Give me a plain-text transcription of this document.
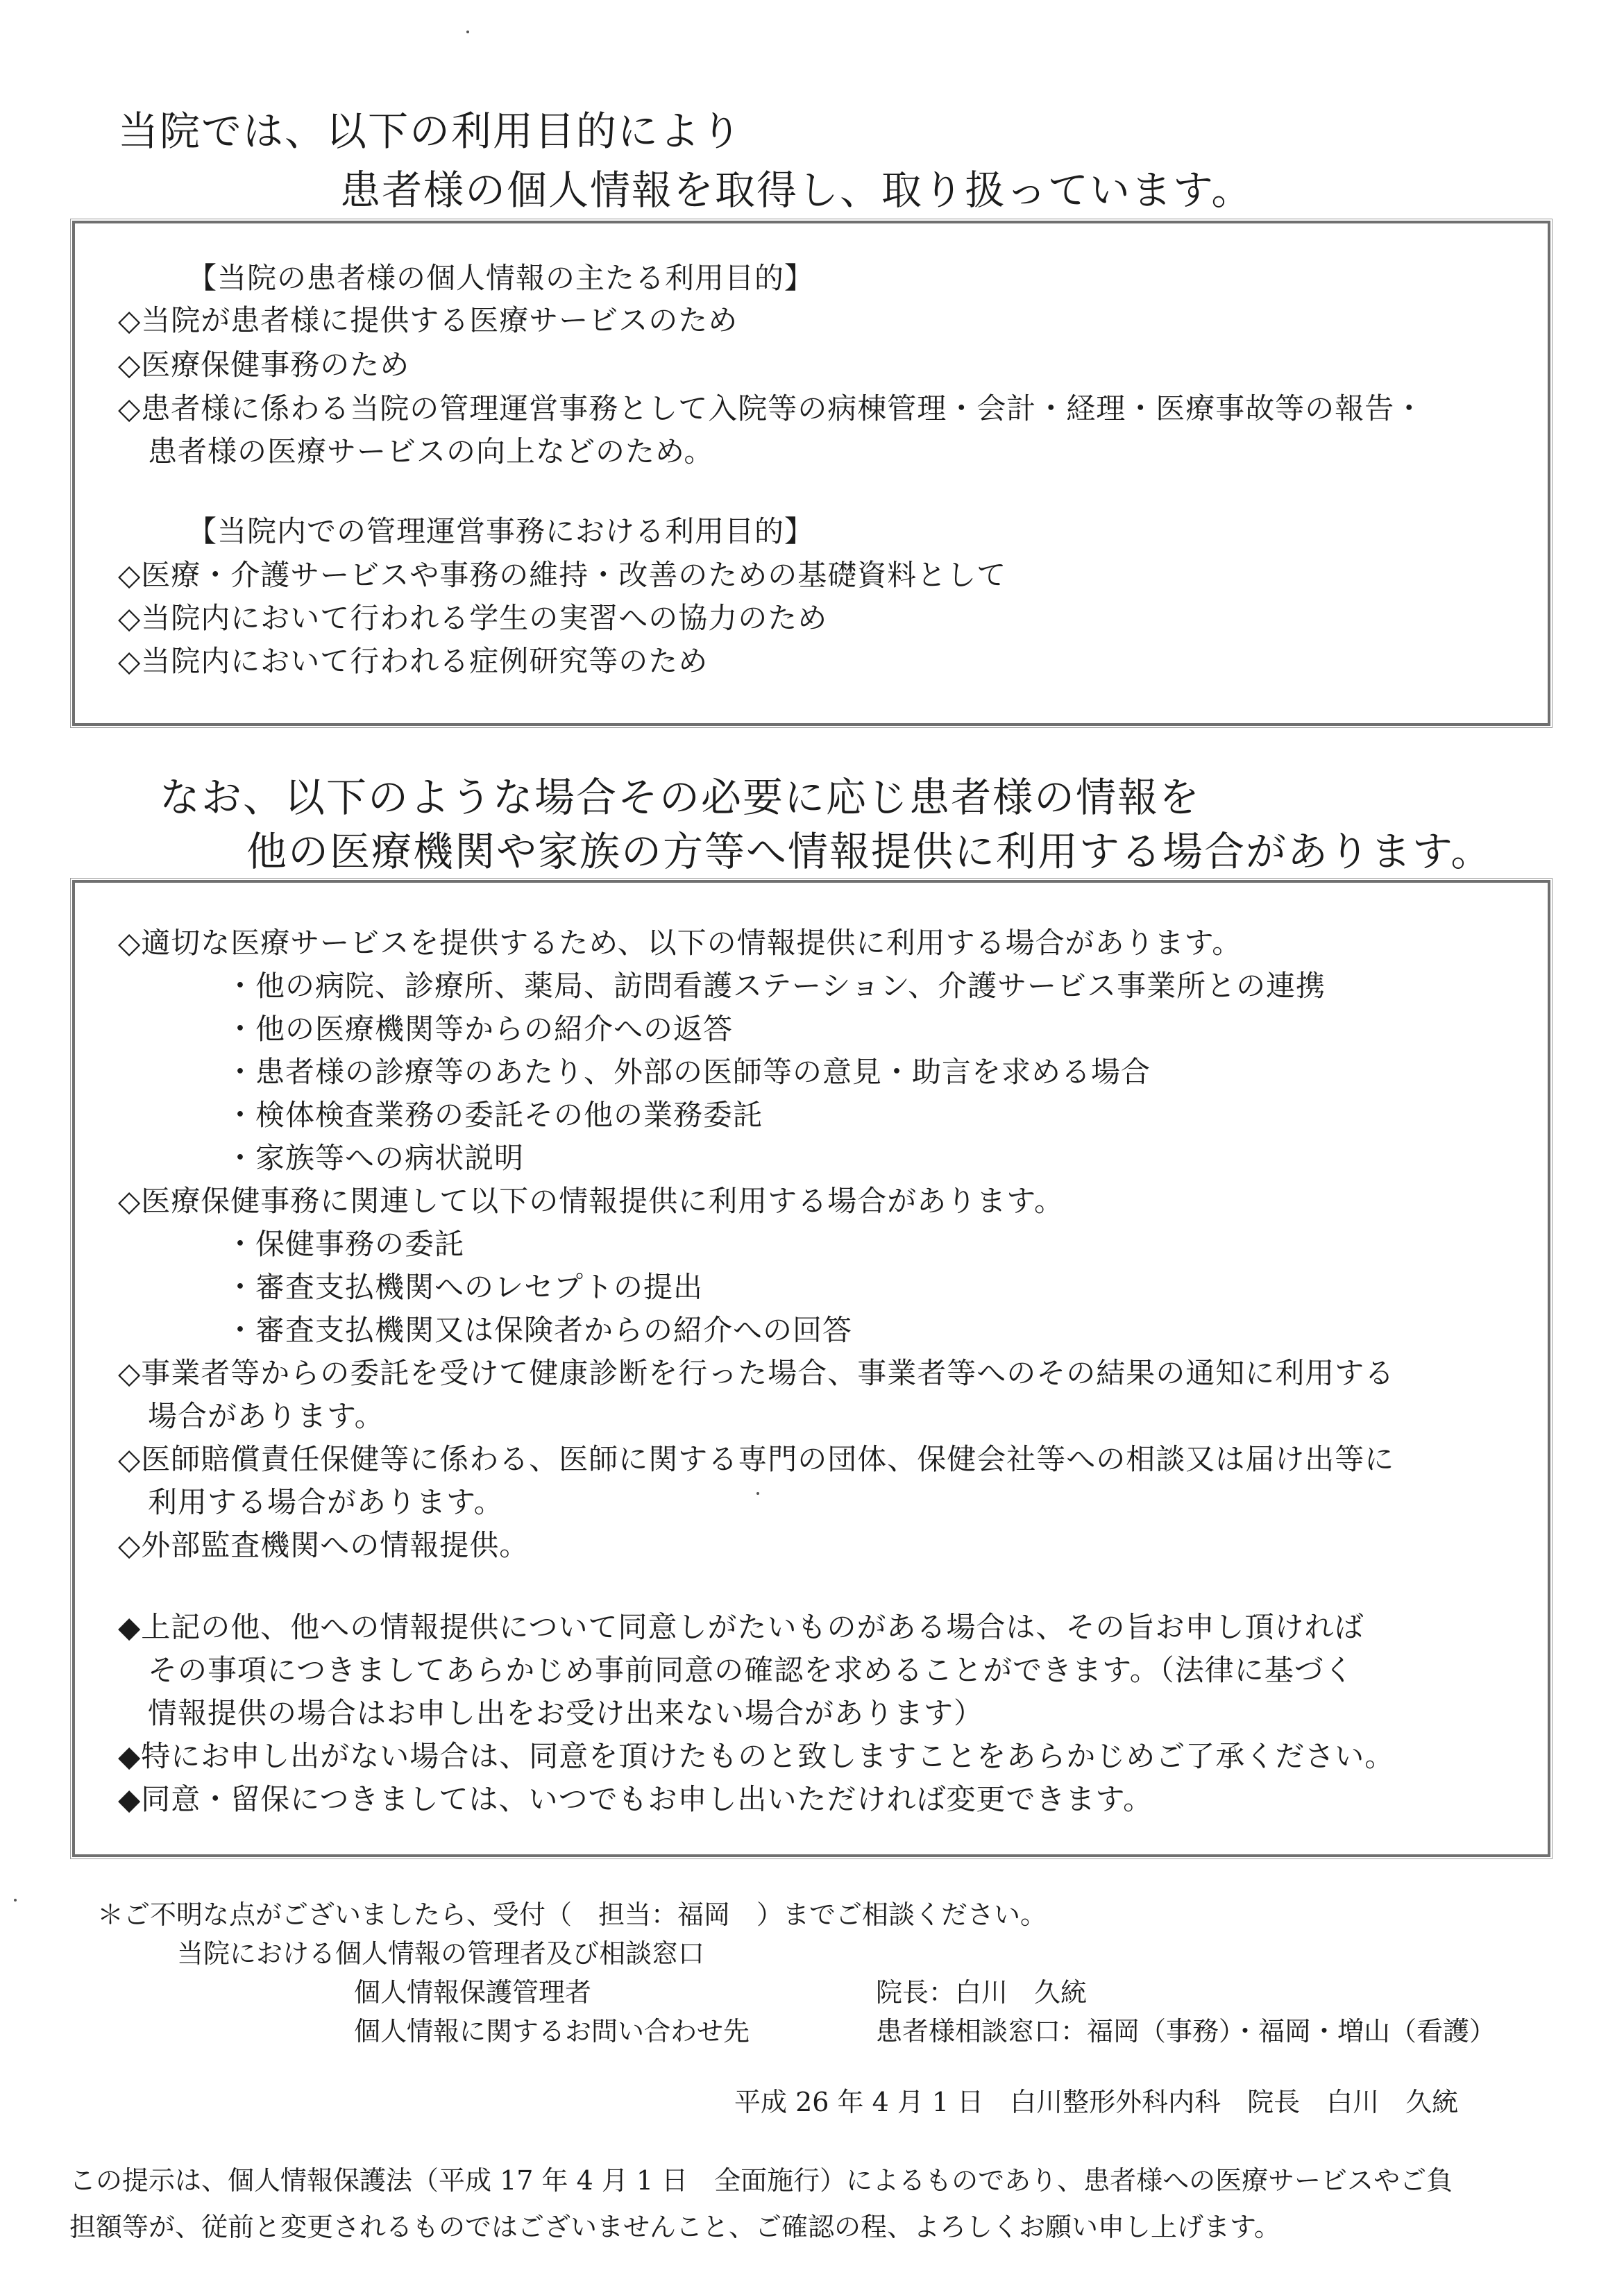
当院では、以下の利用目的により
患者様の個人情報を取得し、取り扱っています。
【当院の患者様の個人情報の主たる利用目的】
◇当院が患者様に提供する医療サービスのため
◇医療保健事務のため
◇患者様に係わる当院の管理運営事務として入院等の病棟管理・会計・経理・医療事故等の報告・
　患者様の医療サービスの向上などのため。
【当院内での管理運営事務における利用目的】
◇医療・介護サービスや事務の維持・改善のための基礎資料として
◇当院内において行われる学生の実習への協力のため
◇当院内において行われる症例研究等のため
なお、以下のような場合その必要に応じ患者様の情報を
他の医療機関や家族の方等へ情報提供に利用する場合があります。
◇適切な医療サービスを提供するため、以下の情報提供に利用する場合があります。
・他の病院、診療所、薬局、訪問看護ステーション、介護サービス事業所との連携
・他の医療機関等からの紹介への返答
・患者様の診療等のあたり、外部の医師等の意見・助言を求める場合
・検体検査業務の委託その他の業務委託
・家族等への病状説明
◇医療保健事務に関連して以下の情報提供に利用する場合があります。
・保健事務の委託
・審査支払機関へのレセプトの提出
・審査支払機関又は保険者からの紹介への回答
◇事業者等からの委託を受けて健康診断を行った場合、事業者等へのその結果の通知に利用する
　場合があります。
◇医師賠償責任保健等に係わる、医師に関する専門の団体、保健会社等への相談又は届け出等に
　利用する場合があります。
◇外部監査機関への情報提供。
◆上記の他、他への情報提供について同意しがたいものがある場合は、その旨お申し頂ければ
　その事項につきましてあらかじめ事前同意の確認を求めることができます。（法律に基づく
　情報提供の場合はお申し出をお受け出来ない場合があります）
◆特にお申し出がない場合は、同意を頂けたものと致しますことをあらかじめご了承ください。
◆同意・留保につきましては、いつでもお申し出いただければ変更できます。
＊ご不明な点がございましたら、受付（　担当：福岡　）までご相談ください。
当院における個人情報の管理者及び相談窓口
個人情報保護管理者	院長：白川　久統
個人情報に関するお問い合わせ先	患者様相談窓口：福岡（事務）・福岡・増山（看護）
平成 26 年 4 月 1 日　白川整形外科内科　院長　白川　久統
この提示は、個人情報保護法（平成 17 年 4 月 1 日　全面施行）によるものであり、患者様への医療サービスやご負
担額等が、従前と変更されるものではございませんこと、ご確認の程、よろしくお願い申し上げます。
